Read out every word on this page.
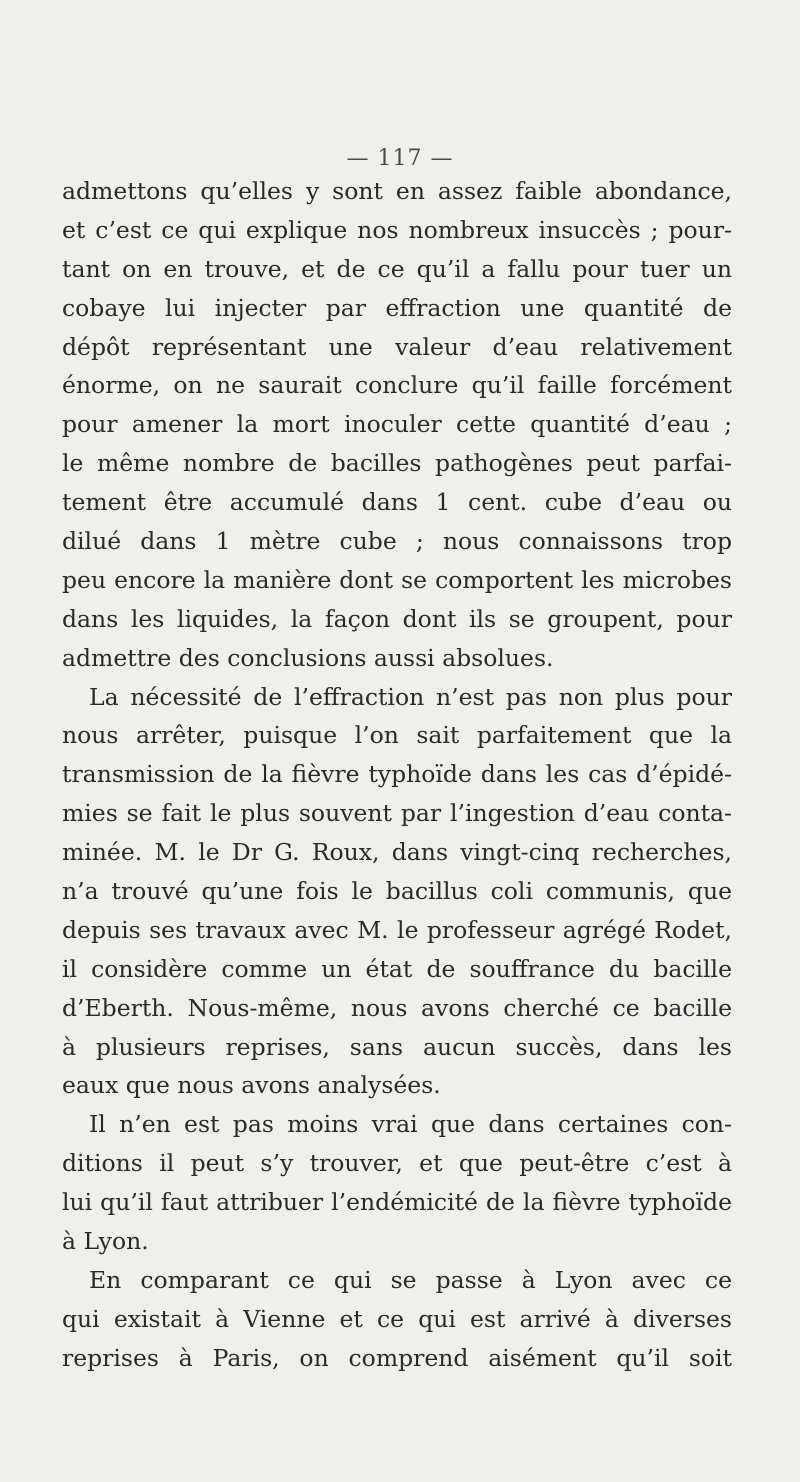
— 117 —
admettons qu’elles y sont en assez faible abondance,
et c’est ce qui explique nos nombreux insuccès ; pour-
tant on en trouve, et de ce qu’il a fallu pour tuer un
cobaye lui injecter par effraction une quantité de
dépôt représentant une valeur d’eau relativement
énorme, on ne saurait conclure qu’il faille forcément
pour amener la mort inoculer cette quantité d’eau ;
le même nombre de bacilles pathogènes peut parfai-
tement être accumulé dans 1 cent. cube d’eau ou
dilué dans 1 mètre cube ; nous connaissons trop
peu encore la manière dont se comportent les microbes
dans les liquides, la façon dont ils se groupent, pour
admettre des conclusions aussi absolues.
La nécessité de l’effraction n’est pas non plus pour
nous arrêter, puisque l’on sait parfaitement que la
transmission de la fièvre typhoïde dans les cas d’épidé-
mies se fait le plus souvent par l’ingestion d’eau conta-
minée. M. le Dr G. Roux, dans vingt-cinq recherches,
n’a trouvé qu’une fois le bacillus coli communis, que
depuis ses travaux avec M. le professeur agrégé Rodet,
il considère comme un état de souffrance du bacille
d’Eberth. Nous-même, nous avons cherché ce bacille
à plusieurs reprises, sans aucun succès, dans les
eaux que nous avons analysées.
Il n’en est pas moins vrai que dans certaines con-
ditions il peut s’y trouver, et que peut-être c’est à
lui qu’il faut attribuer l’endémicité de la fièvre typhoïde
à Lyon.
En comparant ce qui se passe à Lyon avec ce
qui existait à Vienne et ce qui est arrivé à diverses
reprises à Paris, on comprend aisément qu’il soit
